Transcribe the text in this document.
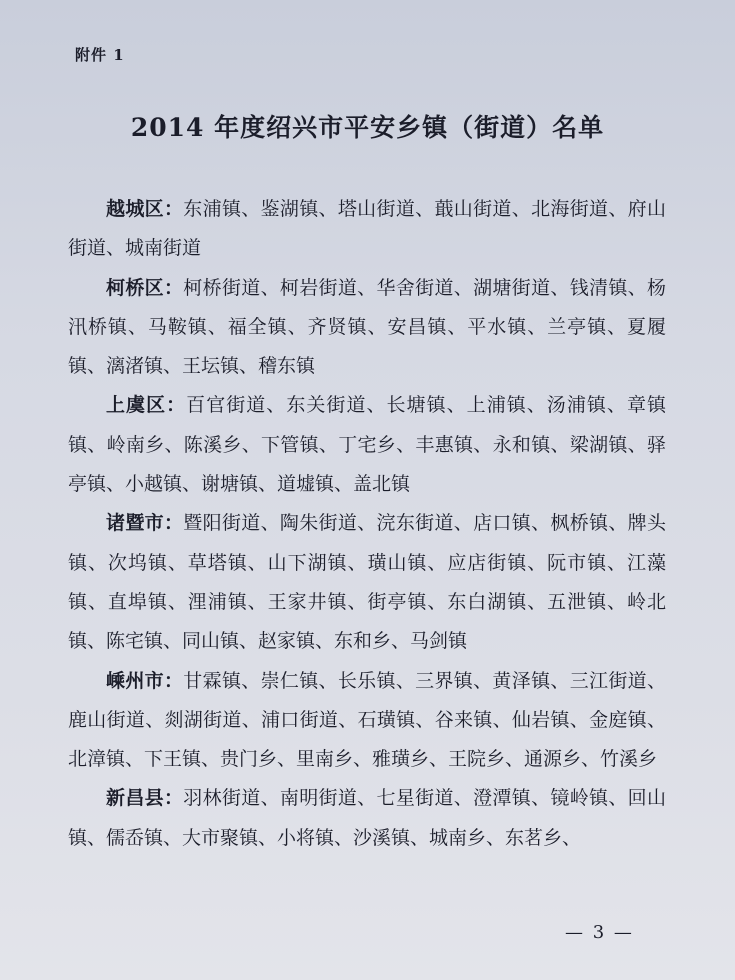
附件 1
2014 年度绍兴市平安乡镇（街道）名单

越城区：东浦镇、鉴湖镇、塔山街道、蕺山街道、北海街道、府山街道、城南街道

柯桥区：柯桥街道、柯岩街道、华舍街道、湖塘街道、钱清镇、杨汛桥镇、马鞍镇、福全镇、齐贤镇、安昌镇、平水镇、兰亭镇、夏履镇、漓渚镇、王坛镇、稽东镇

上虞区：百官街道、东关街道、长塘镇、上浦镇、汤浦镇、章镇镇、岭南乡、陈溪乡、下管镇、丁宅乡、丰惠镇、永和镇、梁湖镇、驿亭镇、小越镇、谢塘镇、道墟镇、盖北镇

诸暨市：暨阳街道、陶朱街道、浣东街道、店口镇、枫桥镇、牌头镇、次坞镇、草塔镇、山下湖镇、璜山镇、应店街镇、阮市镇、江藻镇、直埠镇、浬浦镇、王家井镇、街亭镇、东白湖镇、五泄镇、岭北镇、陈宅镇、同山镇、赵家镇、东和乡、马剑镇

嵊州市：甘霖镇、崇仁镇、长乐镇、三界镇、黄泽镇、三江街道、鹿山街道、剡湖街道、浦口街道、石璜镇、谷来镇、仙岩镇、金庭镇、北漳镇、下王镇、贵门乡、里南乡、雅璜乡、王院乡、通源乡、竹溪乡

新昌县：羽林街道、南明街道、七星街道、澄潭镇、镜岭镇、回山镇、儒岙镇、大市聚镇、小将镇、沙溪镇、城南乡、东茗乡、

— 3 —
